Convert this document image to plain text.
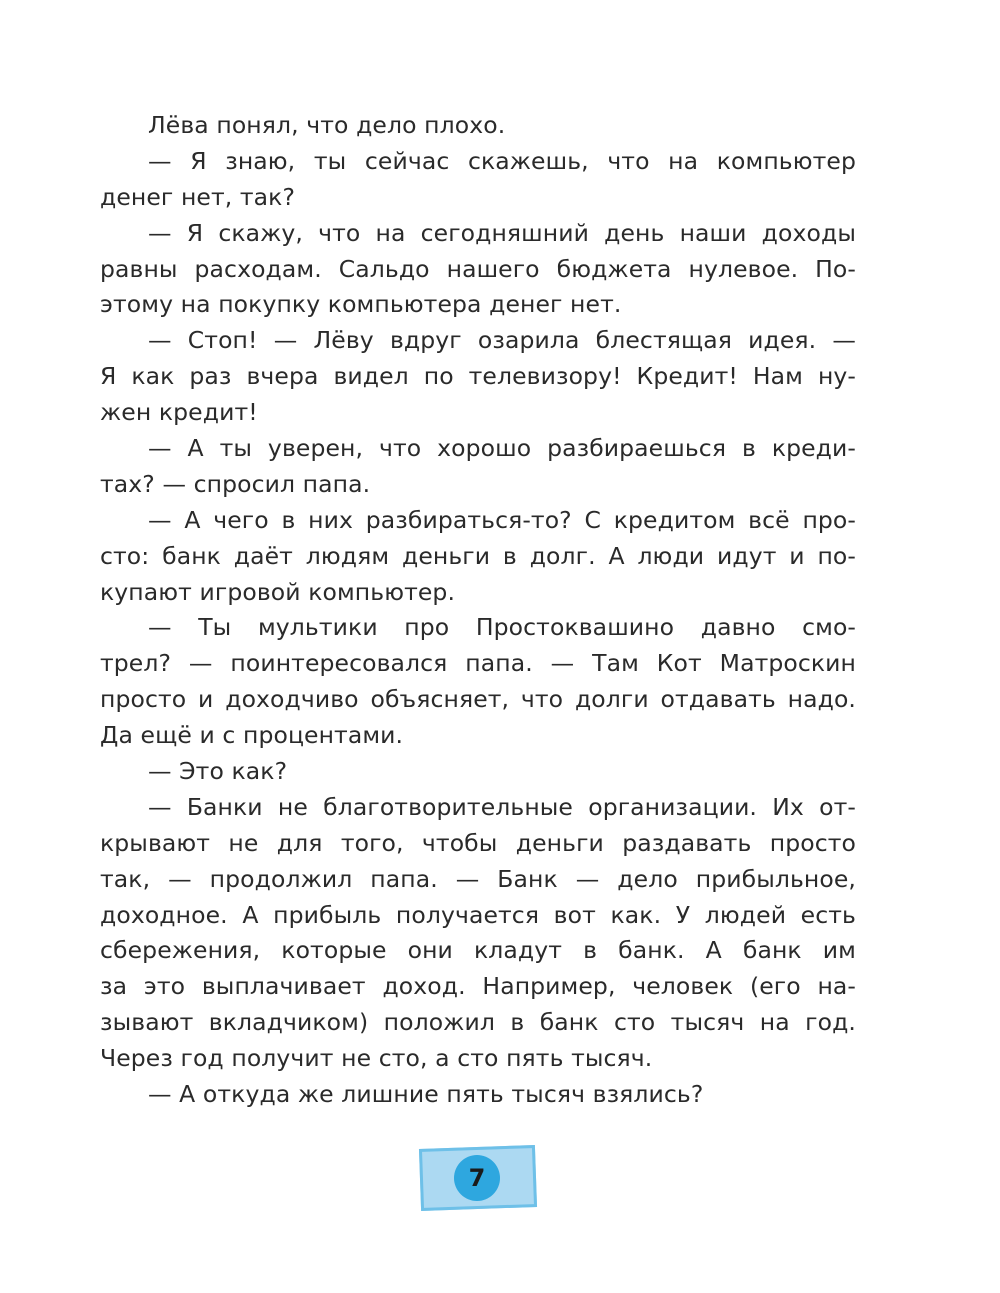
Лёва понял, что дело плохо.
— Я знаю, ты сейчас скажешь, что на компьютер
денег нет, так?
— Я скажу, что на сегодняшний день наши доходы
равны расходам. Сальдо нашего бюджета нулевое. По-
этому на покупку компьютера денег нет.
— Стоп! — Лёву вдруг озарила блестящая идея. —
Я как раз вчера видел по телевизору! Кредит! Нам ну-
жен кредит!
— А ты уверен, что хорошо разбираешься в креди-
тах? — спросил папа.
— А чего в них разбираться-то? С кредитом всё про-
сто: банк даёт людям деньги в долг. А люди идут и по-
купают игровой компьютер.
— Ты мультики про Простоквашино давно смо-
трел? — поинтересовался папа. — Там Кот Матроскин
просто и доходчиво объясняет, что долги отдавать надо.
Да ещё и с процентами.
— Это как?
— Банки не благотворительные организации. Их от-
крывают не для того, чтобы деньги раздавать просто
так, — продолжил папа. — Банк — дело прибыльное,
доходное. А прибыль получается вот как. У людей есть
сбережения, которые они кладут в банк. А банк им
за это выплачивает доход. Например, человек (его на-
зывают вкладчиком) положил в банк сто тысяч на год.
Через год получит не сто, а сто пять тысяч.
— А откуда же лишние пять тысяч взялись?
7
